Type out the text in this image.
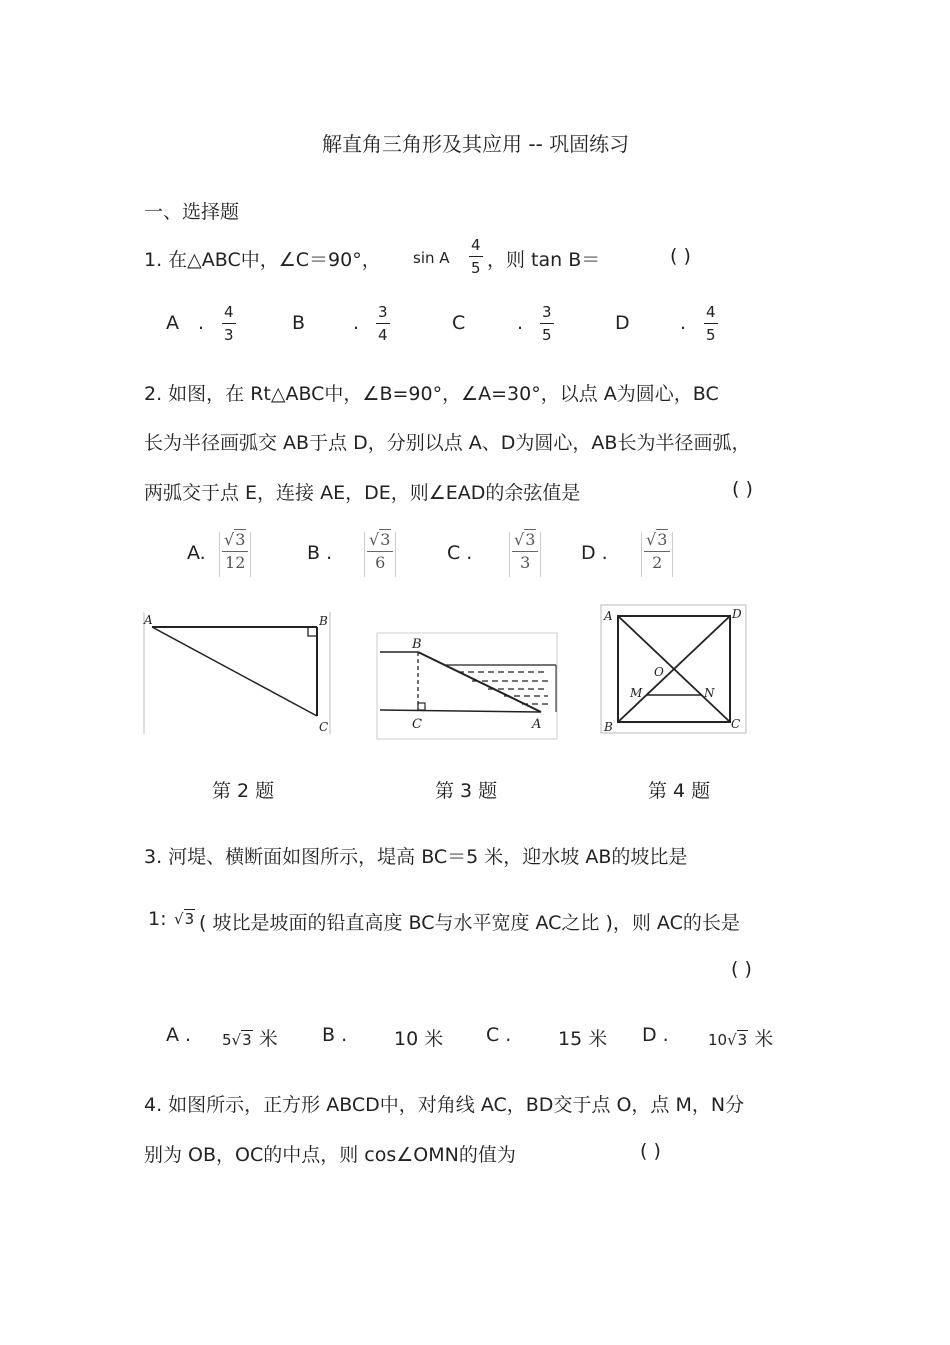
解直角三角形及其应用 -- 巩固练习
一、选择题
1. 在△ABC中，∠C＝90°， sin A $\frac{4}{5}$ ，则 tan B＝	( )
A . $\frac{4}{3}$	B	. $\frac{3}{4}$	C	. $\frac{3}{5}$	D	. $\frac{4}{5}$
2. 如图，在 Rt△ABC中，∠B=90°，∠A=30°，以点 A为圆心，BC
长为半径画弧交 AB于点 D，分别以点 A、D为圆心，AB长为半径画弧，
两弧交于点 E，连接 AE，DE，则∠EAD的余弦值是	( )
A. $\frac{√3}{12}$	B . $\frac{√3}{6}$	C . $\frac{√3}{3}$ D . $\frac{√3}{2}$
A	B
C
B
C	A
A	D
B	C
O
M	N
第 2 题	第 3 题	第 4 题
3. 河堤、横断面如图所示，堤高 BC＝5 米，迎水坡 AB的坡比是
1: √3 ( 坡比是坡面的铅直高度 BC与水平宽度 AC之比 )，则 AC的长是
( )
A . 5√3 米 B . 10 米 C . 15 米 D .	10√3 米
4. 如图所示，正方形 ABCD中，对角线 AC，BD交于点 O，点 M，N分
别为 OB，OC的中点，则 cos∠OMN的值为	( )
